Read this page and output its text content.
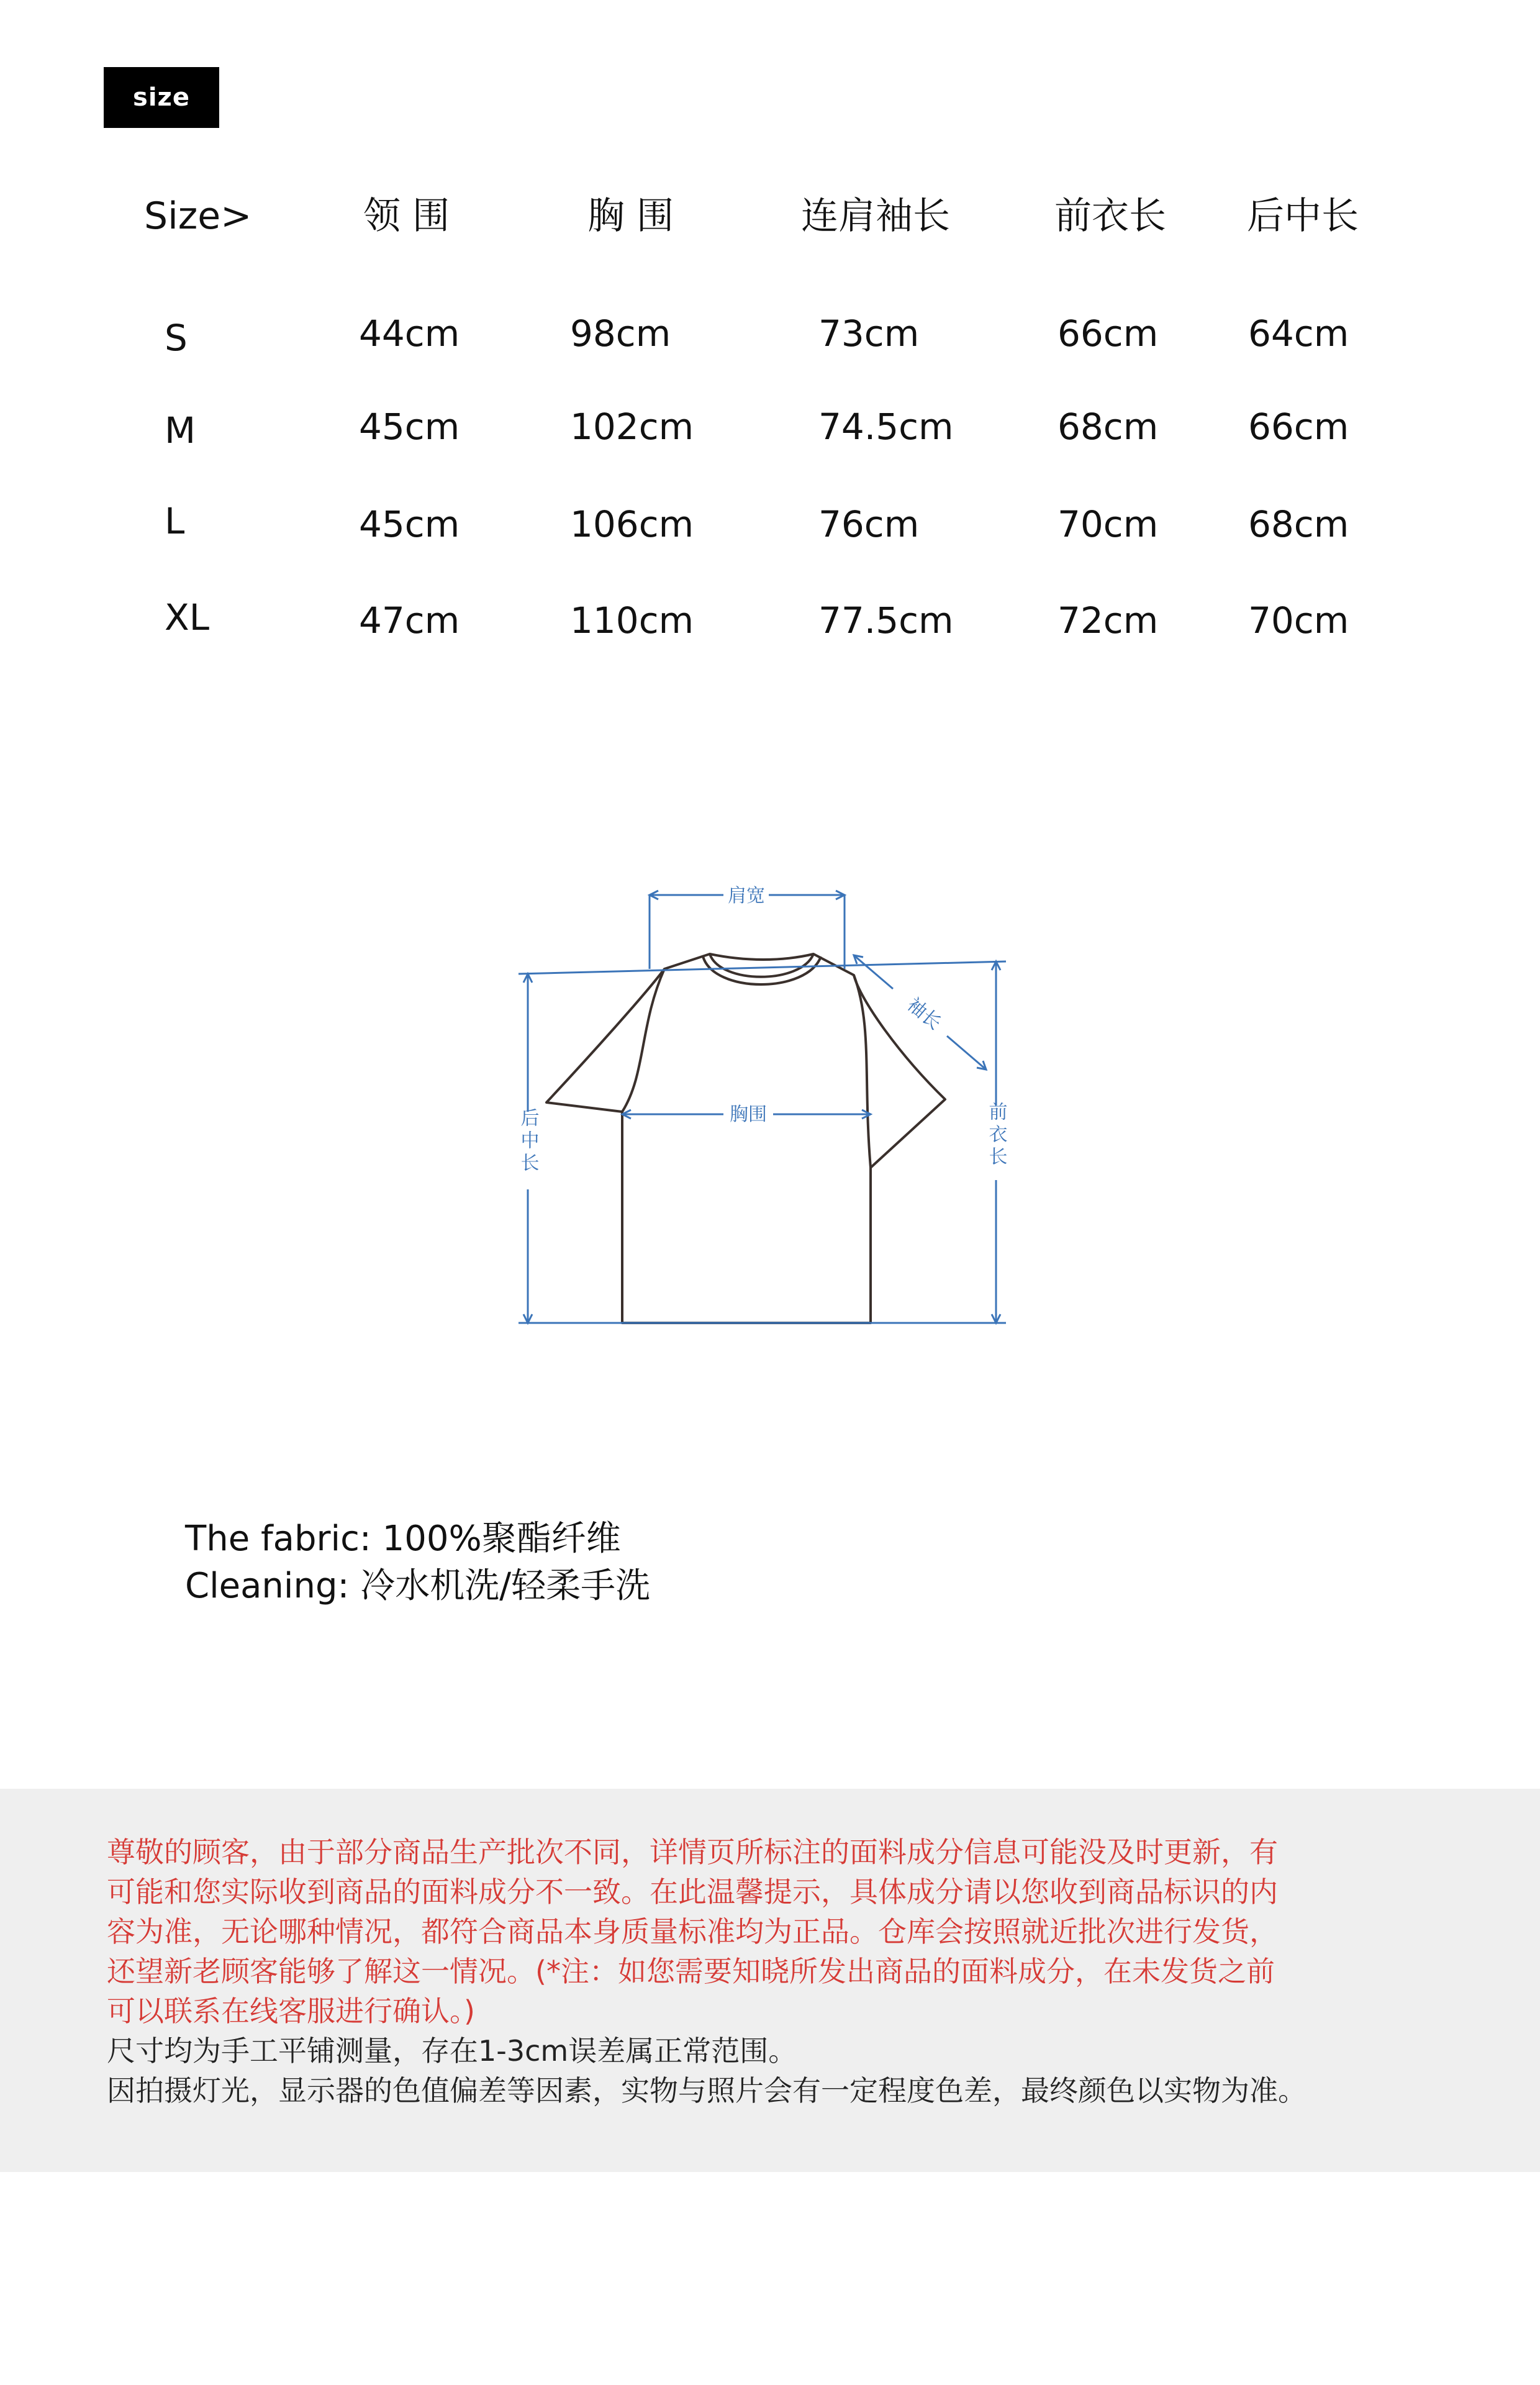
size
Size>	领 围	胸 围	连肩袖长	前衣长 后中长
S	44cm	98cm	73cm	66cm 64cm
M	45cm	102cm	74.5cm	68cm 66cm
L	45cm	106cm	76cm	70cm 68cm
XL	47cm	110cm	77.5cm	72cm 70cm
肩宽
胸围
后中长	前衣长
袖长
The fabric: 100%聚酯纤维
Cleaning: 冷水机洗/轻柔手洗
尊敬的顾客，由于部分商品生产批次不同，详情页所标注的面料成分信息可能没及时更新，有
可能和您实际收到商品的面料成分不一致。在此温馨提示，具体成分请以您收到商品标识的内
容为准，无论哪种情况，都符合商品本身质量标准均为正品。仓库会按照就近批次进行发货，
还望新老顾客能够了解这一情况。(*注：如您需要知晓所发出商品的面料成分，在未发货之前
可以联系在线客服进行确认。)
尺寸均为手工平铺测量，存在1-3cm误差属正常范围。
因拍摄灯光，显示器的色值偏差等因素，实物与照片会有一定程度色差，最终颜色以实物为准。
